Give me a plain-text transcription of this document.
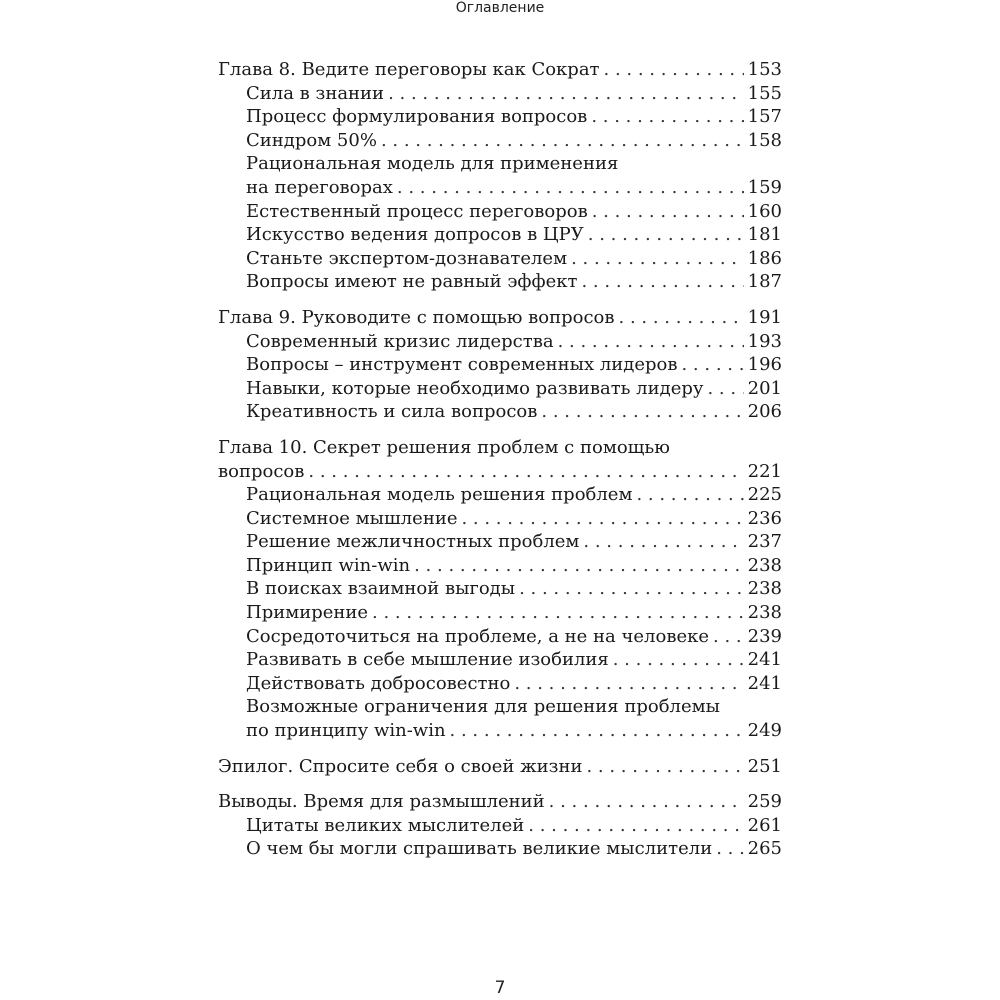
Оглавление
Глава 8. Ведите переговоры как Сократ . . .	153
Сила в знании . . .	155
Процесс формулирования вопросов . . .	157
Синдром 50% . . .	158
Рациональная модель для применения
на переговорах . . .	159
Естественный процесс переговоров . . .	160
Искусство ведения допросов в ЦРУ . . .	181
Станьте экспертом-дознавателем . . .	186
Вопросы имеют не равный эффект . . .	187
Глава 9. Руководите с помощью вопросов . . .	191
Современный кризис лидерства . . .	193
Вопросы – инструмент современных лидеров . . .	196
Навыки, которые необходимо развивать лидеру . . . 201
Креативность и сила вопросов . . .	206
Глава 10. Секрет решения проблем с помощью
вопросов . . .	221
Рациональная модель решения проблем . . .	225
Системное мышление . . .	236
Решение межличностных проблем . . .	237
Принцип win-win . . .	238
В поисках взаимной выгоды . . .	238
Примирение . . .	238
Сосредоточиться на проблеме, а не на человеке . . . 239
Развивать в себе мышление изобилия . . .	241
Действовать добросовестно . . .	241
Возможные ограничения для решения проблемы
по принципу win-win . . .	249
Эпилог. Спросите себя о своей жизни . . .	251
Выводы. Время для размышлений . . .	259
Цитаты великих мыслителей . . .	261
О чем бы могли спрашивать великие мыслители . . . 265
7
